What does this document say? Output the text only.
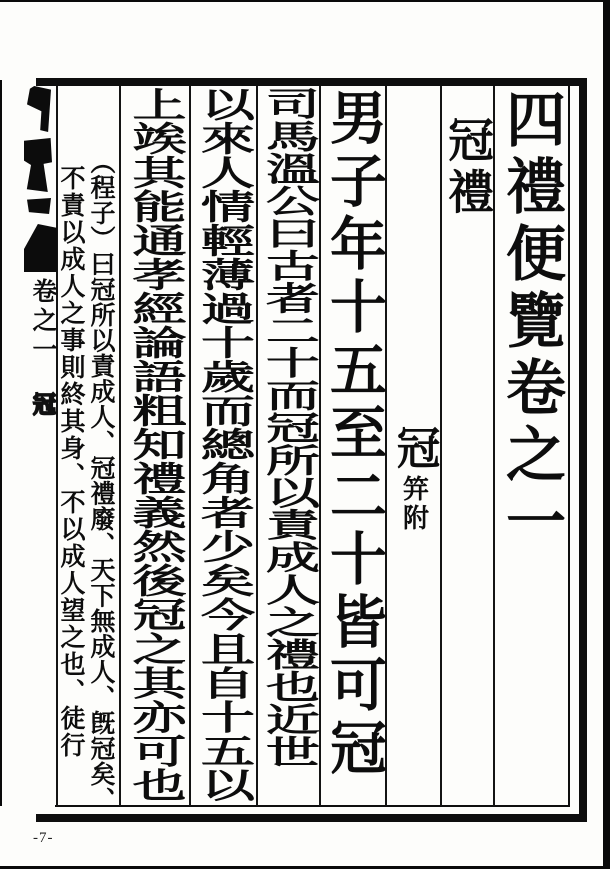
四禮便覽卷之一
冠禮
冠
笄附
男子年十五至二十皆可冠
司馬溫公曰古者二十而冠所以責成人之禮也近世
以來人情輕薄過十歲而總角者少矣今且自十五以
上竢其能通孝經論語粗知禮義然後冠之其亦可也
︵程子︶曰冠所以責成人、冠禮廢、天下無成人、旣冠矣、
不責以成人之事則終其身、不以成人望之也、徒行
卷之一
冠
-7-
